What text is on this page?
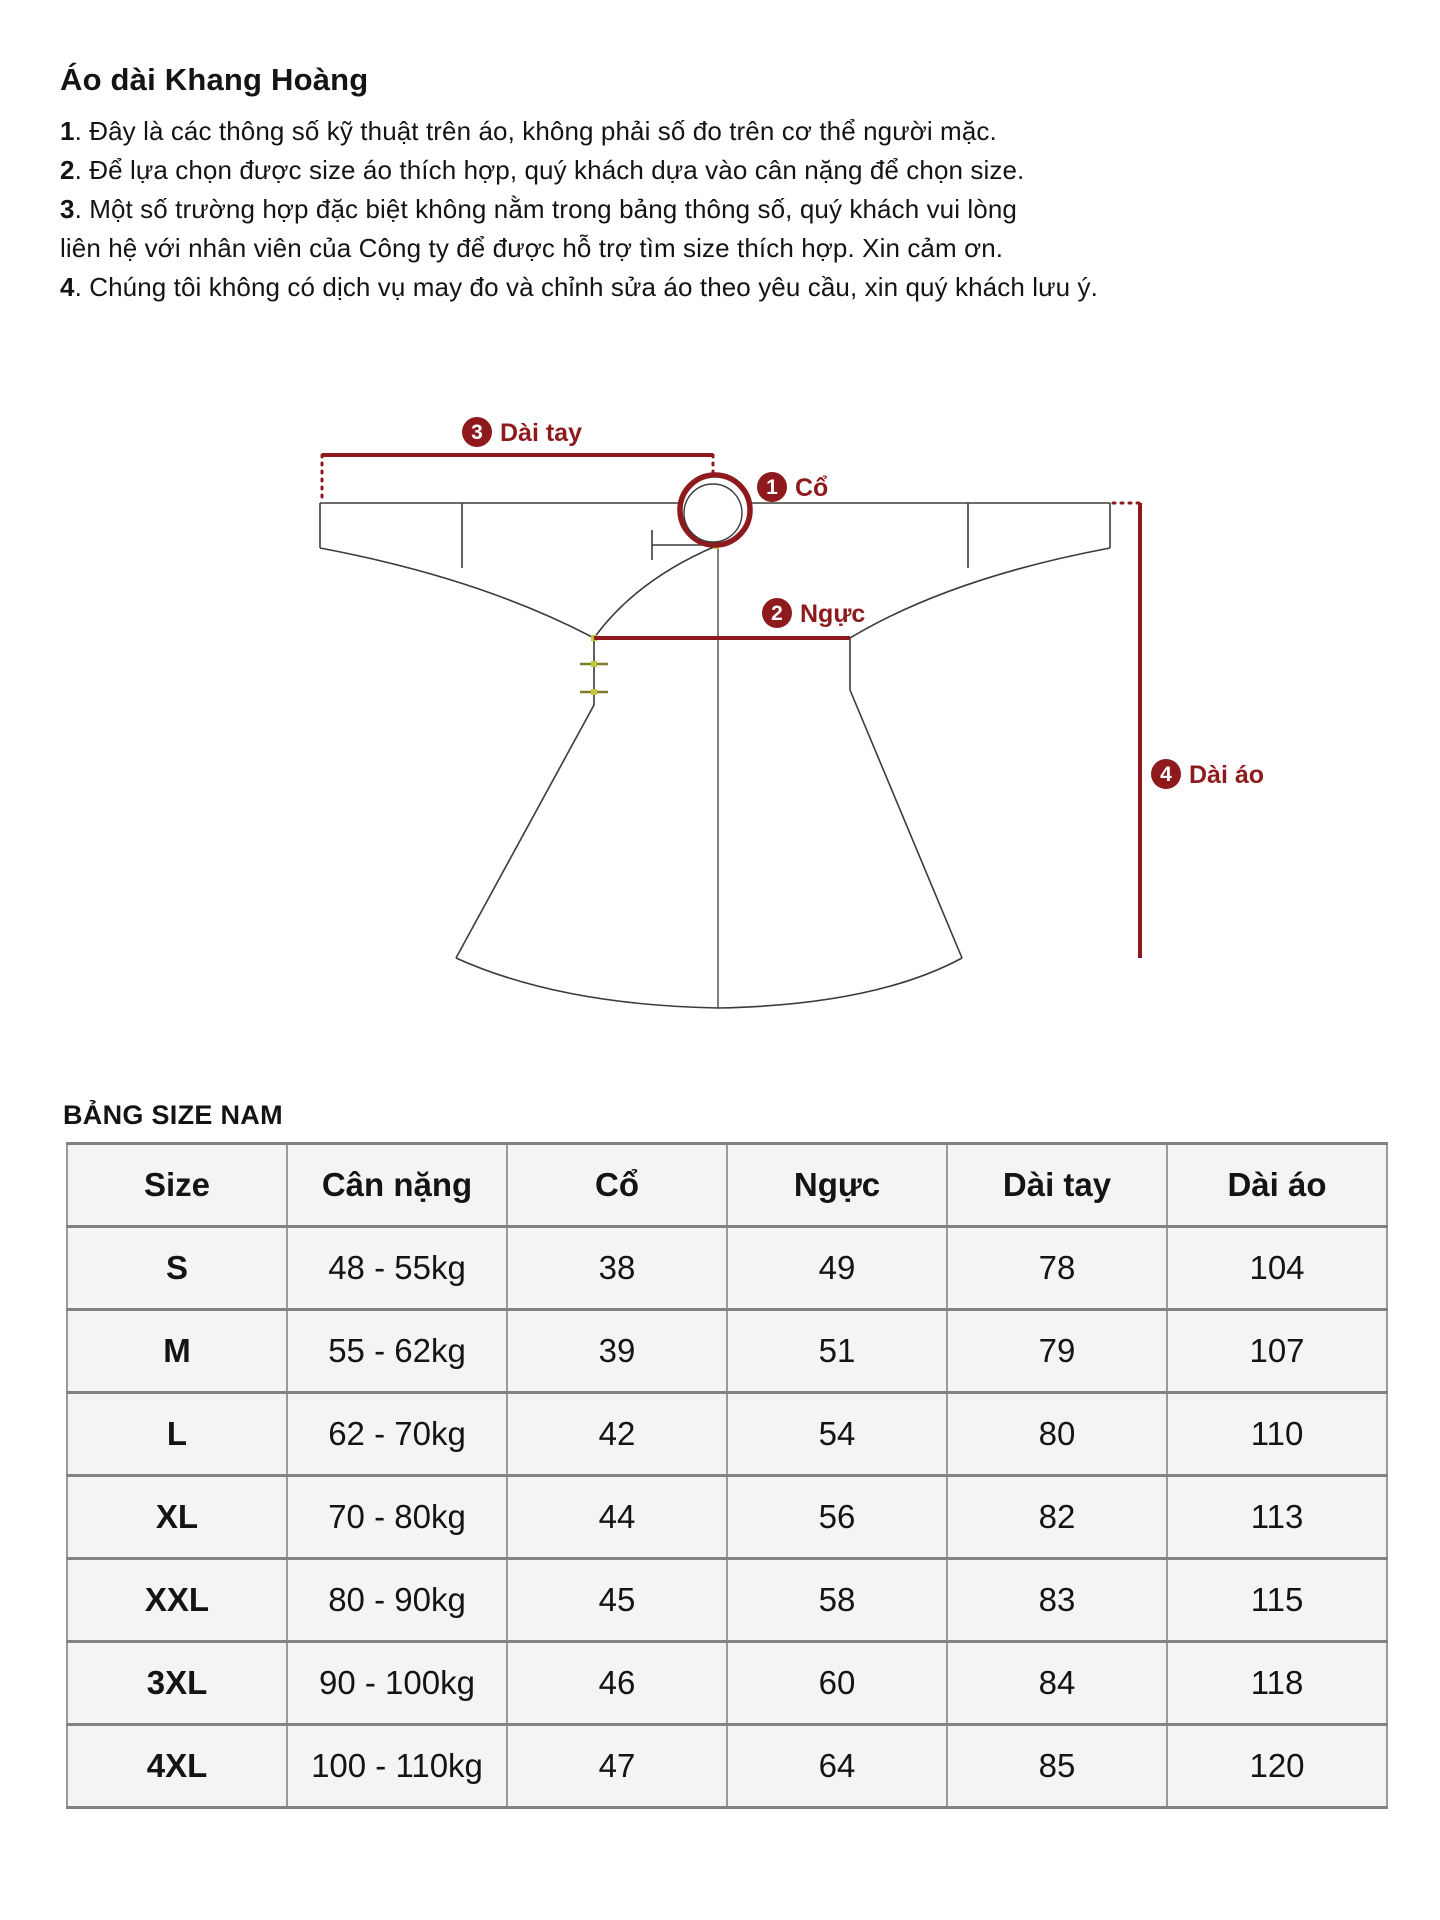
Áo dài Khang Hoàng
1. Đây là các thông số kỹ thuật trên áo, không phải số đo trên cơ thể người mặc.
2. Để lựa chọn được size áo thích hợp, quý khách dựa vào cân nặng để chọn size.
3. Một số trường hợp đặc biệt không nằm trong bảng thông số, quý khách vui lòng
liên hệ với nhân viên của Công ty để được hỗ trợ tìm size thích hợp. Xin cảm ơn.
4. Chúng tôi không có dịch vụ may đo và chỉnh sửa áo theo yêu cầu, xin quý khách lưu ý.
3 Dài tay
1 Cổ
2 Ngực
4 Dài áo
BẢNG SIZE NAM
Size	Cân nặng	Cổ	Ngực	Dài tay	Dài áo
S	48 - 55kg	38	49	78	104
M	55 - 62kg	39	51	79	107
L	62 - 70kg	42	54	80	110
XL	70 - 80kg	44	56	82	113
XXL	80 - 90kg	45	58	83	115
3XL	90 - 100kg	46	60	84	118
4XL	100 - 110kg	47	64	85	120
